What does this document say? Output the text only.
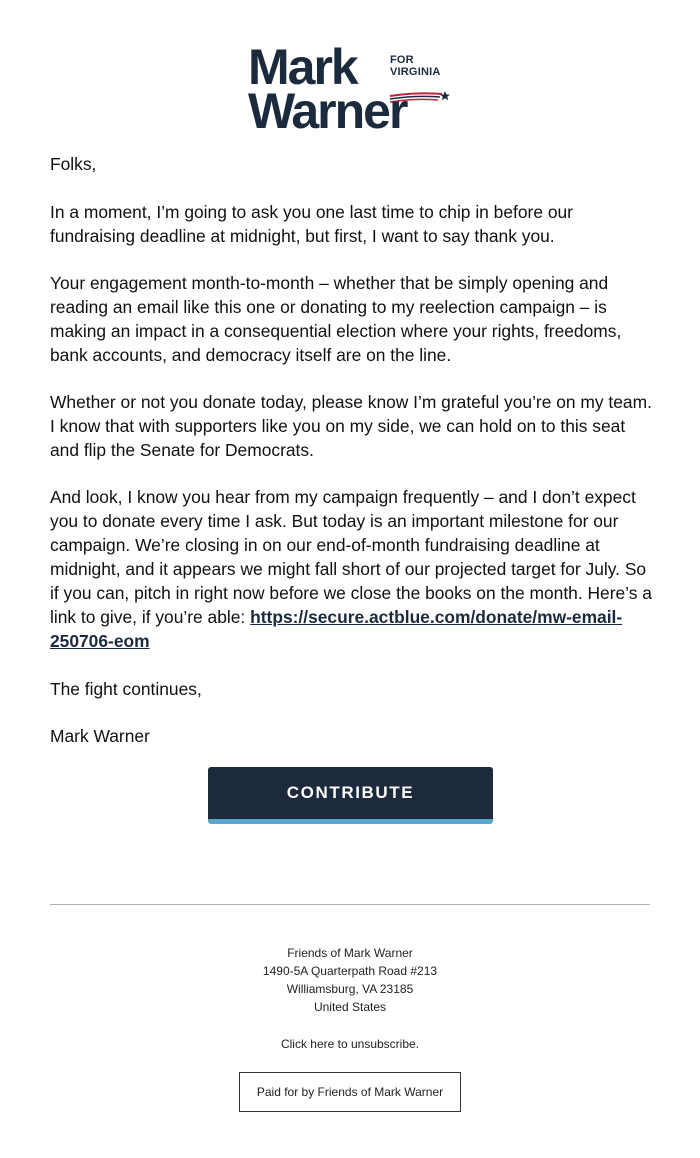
Mark	FOR
VIRGINIA
Warner
Folks,
In a moment, I’m going to ask you one last time to chip in before our fundraising deadline at midnight, but first, I want to say thank you.
Your engagement month-to-month – whether that be simply opening and reading an email like this one or donating to my reelection campaign – is making an impact in a consequential election where your rights, freedoms, bank accounts, and democracy itself are on the line.
Whether or not you donate today, please know I’m grateful you’re on my team. I know that with supporters like you on my side, we can hold on to this seat and flip the Senate for Democrats.
And look, I know you hear from my campaign frequently – and I don’t expect you to donate every time I ask. But today is an important milestone for our campaign. We’re closing in on our end-of-month fundraising deadline at midnight, and it appears we might fall short of our projected target for July. So if you can, pitch in right now before we close the books on the month. Here’s a link to give, if you’re able: https://secure.actblue.com/donate/mw-email-250706-eom
The fight continues,
Mark Warner
CONTRIBUTE
Friends of Mark Warner
1490-5A Quarterpath Road #213
Williamsburg, VA 23185
United States
Click here to unsubscribe.
Paid for by Friends of Mark Warner
